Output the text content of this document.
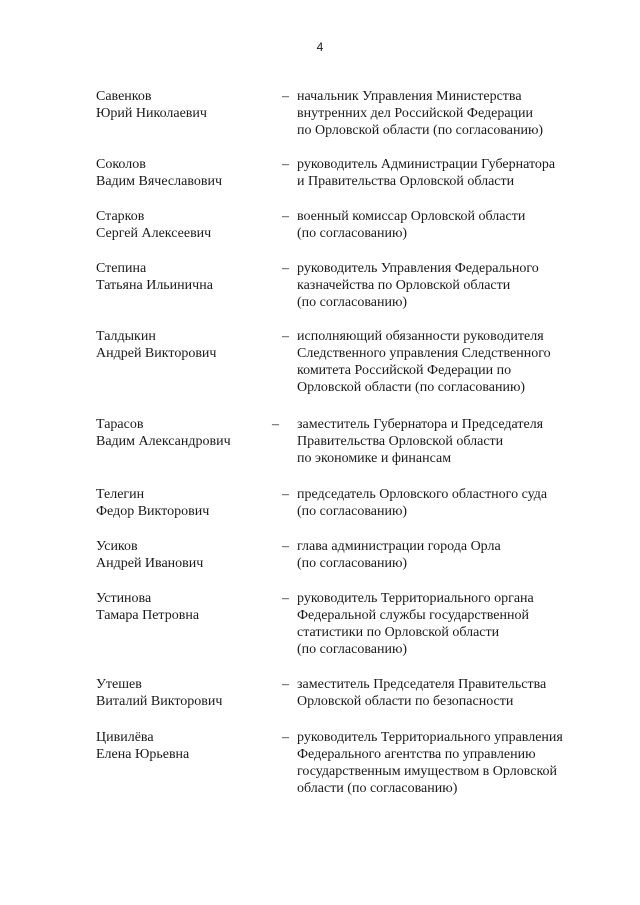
4
Савенков
Юрий Николаевич
– начальник Управления Министерства
внутренних дел Российской Федерации
по Орловской области (по согласованию)
Соколов
Вадим Вячеславович
– руководитель Администрации Губернатора
и Правительства Орловской области
Старков
Сергей Алексеевич
– военный комиссар Орловской области
(по согласованию)
Степина
Татьяна Ильинична
– руководитель Управления Федерального
казначейства по Орловской области
(по согласованию)
Талдыкин
Андрей Викторович
– исполняющий обязанности руководителя
Следственного управления Следственного
комитета Российской Федерации по
Орловской области (по согласованию)
Тарасов
Вадим Александрович
– заместитель Губернатора и Председателя
Правительства Орловской области
по экономике и финансам
Телегин
Федор Викторович
– председатель Орловского областного суда
(по согласованию)
Усиков
Андрей Иванович
– глава администрации города Орла
(по согласованию)
Устинова
Тамара Петровна
– руководитель Территориального органа
Федеральной службы государственной
статистики по Орловской области
(по согласованию)
Утешев
Виталий Викторович
– заместитель Председателя Правительства
Орловской области по безопасности
Цивилёва
Елена Юрьевна
– руководитель Территориального управления
Федерального агентства по управлению
государственным имуществом в Орловской
области (по согласованию)
